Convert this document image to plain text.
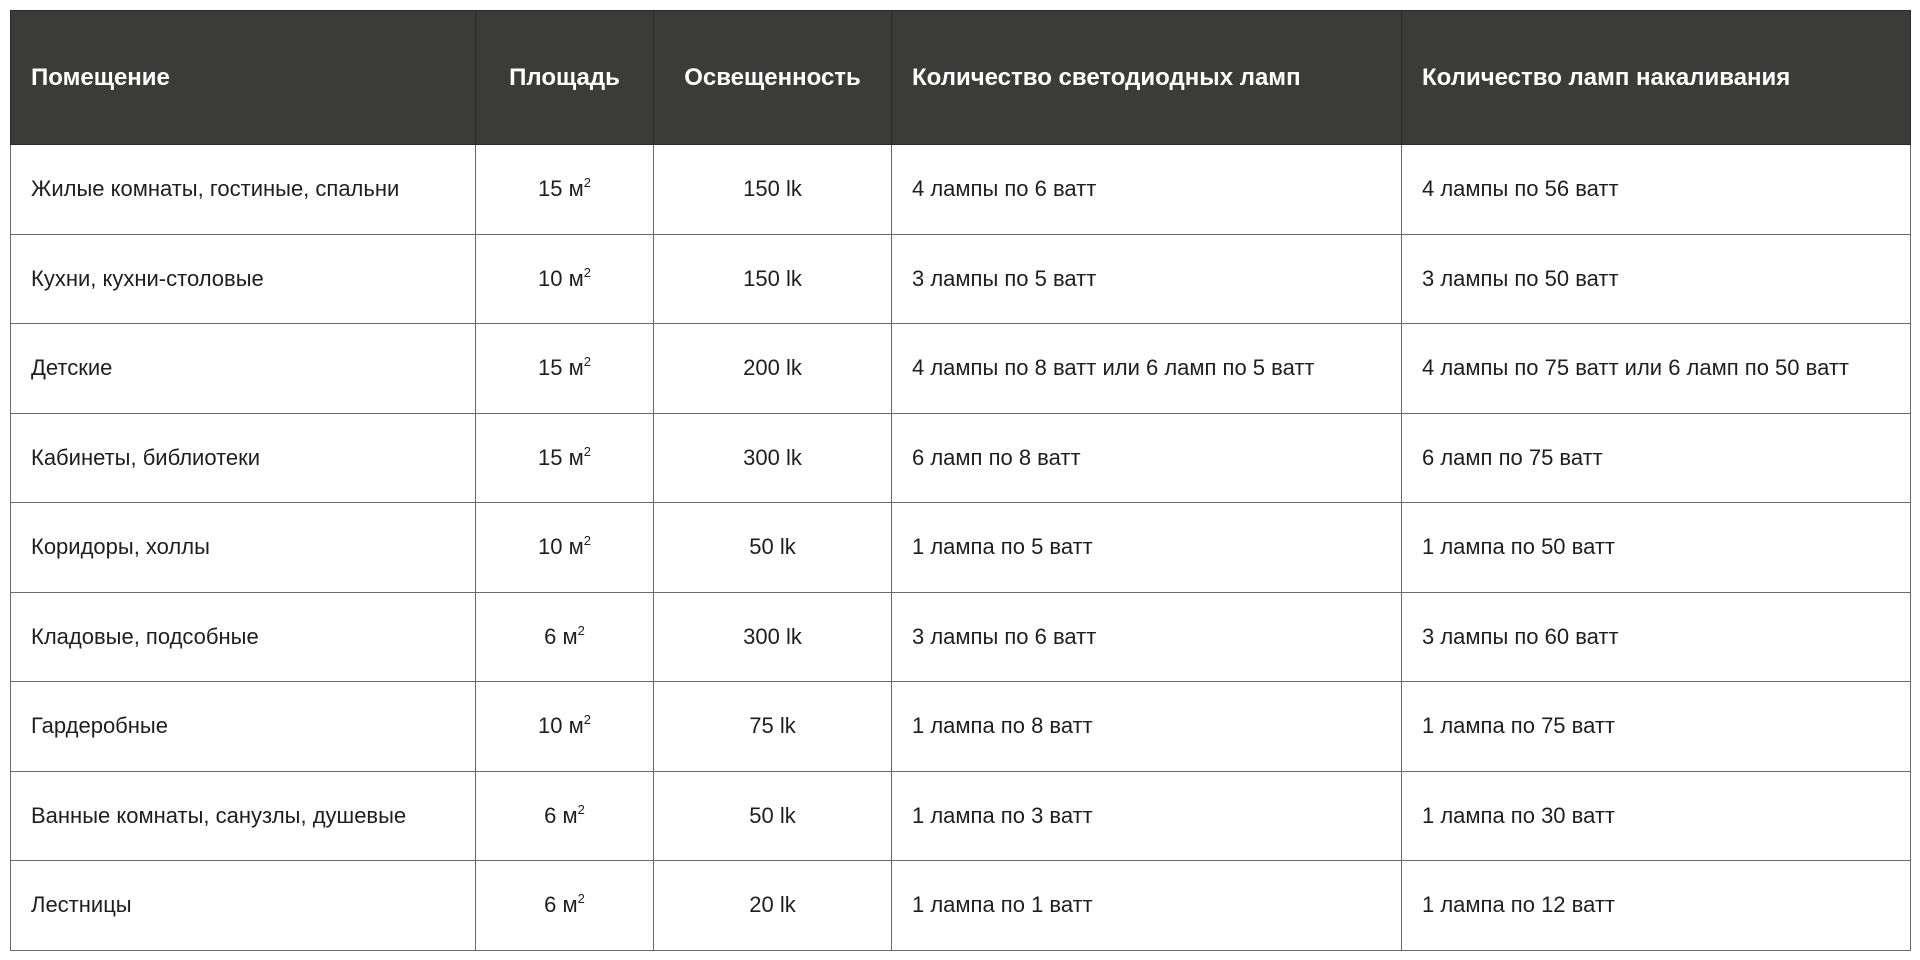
Помещение	Площадь	Освещенность	Количество светодиодных ламп	Количество ламп накаливания
Жилые комнаты, гостиные, спальни	15 $м^2$	150 lk	4 лампы по 6 ватт	4 лампы по 56 ватт
Кухни, кухни-столовые	10 $м^2$	150 lk	3 лампы по 5 ватт	3 лампы по 50 ватт
Детские	15 $м^2$	200 lk	4 лампы по 8 ватт или 6 ламп по 5 ватт	4 лампы по 75 ватт или 6 ламп по 50 ватт
Кабинеты, библиотеки	15 $м^2$	300 lk	6 ламп по 8 ватт	6 ламп по 75 ватт
Коридоры, холлы	10 $м^2$	50 lk	1 лампа по 5 ватт	1 лампа по 50 ватт
Кладовые, подсобные	6 $м^2$	300 lk	3 лампы по 6 ватт	3 лампы по 60 ватт
Гардеробные	10 $м^2$	75 lk	1 лампа по 8 ватт	1 лампа по 75 ватт
Ванные комнаты, санузлы, душевые	6 $м^2$	50 lk	1 лампа по 3 ватт	1 лампа по 30 ватт
Лестницы	6 $м^2$	20 lk	1 лампа по 1 ватт	1 лампа по 12 ватт
